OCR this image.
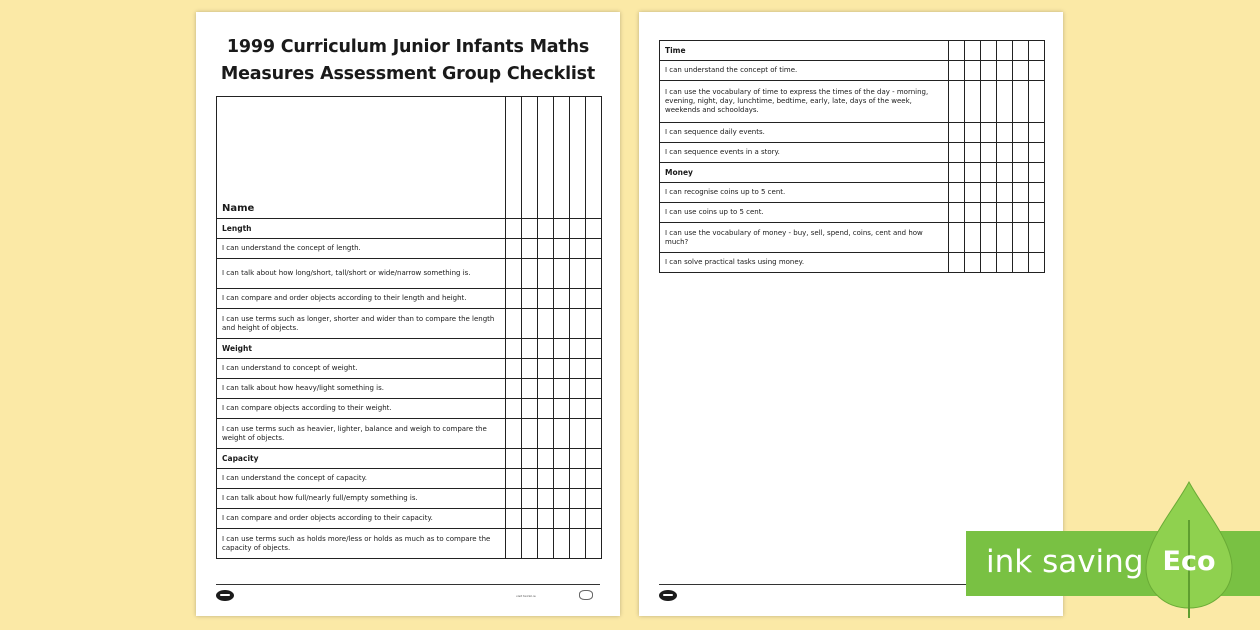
1999 Curriculum Junior Infants Maths Measures Assessment Group Checklist
Name						
Length						
I can understand the concept of length.						
I can talk about how long/short, tall/short or wide/narrow something is.						
I can compare and order objects according to their length and height.						
I can use terms such as longer, shorter and wider than to compare the length and height of objects.						
Weight						
I can understand to concept of weight.						
I can talk about how heavy/light something is.						
I can compare objects according to their weight.						
I can use terms such as heavier, lighter, balance and weigh to compare the weight of objects.						
Capacity						
I can understand the concept of capacity.						
I can talk about how full/nearly full/empty something is.						
I can compare and order objects according to their capacity.						
I can use terms such as holds more/less or holds as much as to compare the capacity of objects.						
visit twinkl.ie
Time						
I can understand the concept of time.						
I can use the vocabulary of time to express the times of the day - morning, evening, night, day, lunchtime, bedtime, early, late, days of the week, weekends and schooldays.						
I can sequence daily events.						
I can sequence events in a story.						
Money						
I can recognise coins up to 5 cent.						
I can use coins up to 5 cent.						
I can use the vocabulary of money - buy, sell, spend, coins, cent and how much?						
I can solve practical tasks using money.						
ink saving Eco
